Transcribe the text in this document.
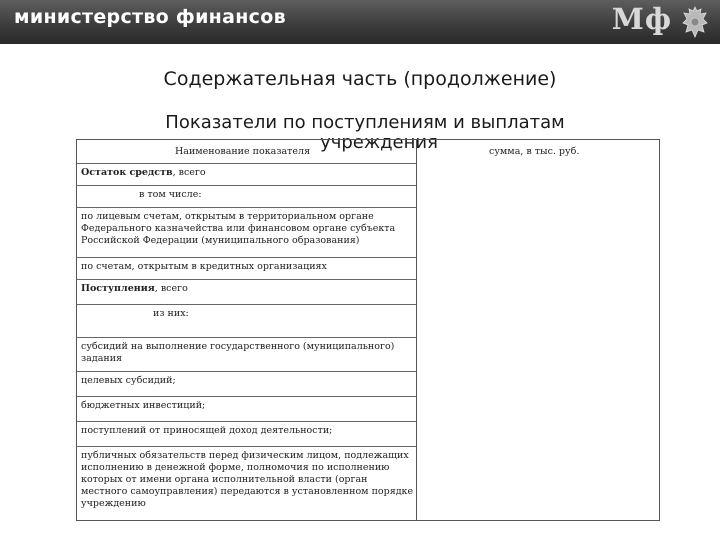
министерство финансов	Мф
Содержательная часть (продолжение)
Показатели по поступлениям и выплатам
учреждения
Наименование показателя	сумма, в тыс. руб.
Остаток средств, всего
в том числе:
по лицевым счетам, открытым в территориальном органе Федерального казначейства или финансовом органе субъекта Российской Федерации (муниципального образования)
по счетам, открытым в кредитных организациях
Поступления, всего
из них:
субсидий на выполнение государственного (муниципального) задания
целевых субсидий;
бюджетных инвестиций;
поступлений от приносящей доход деятельности;
публичных обязательств перед физическим лицом, подлежащих исполнению в денежной форме, полномочия по исполнению которых от имени органа исполнительной власти (орган местного самоуправления) передаются в установленном порядке учреждению
